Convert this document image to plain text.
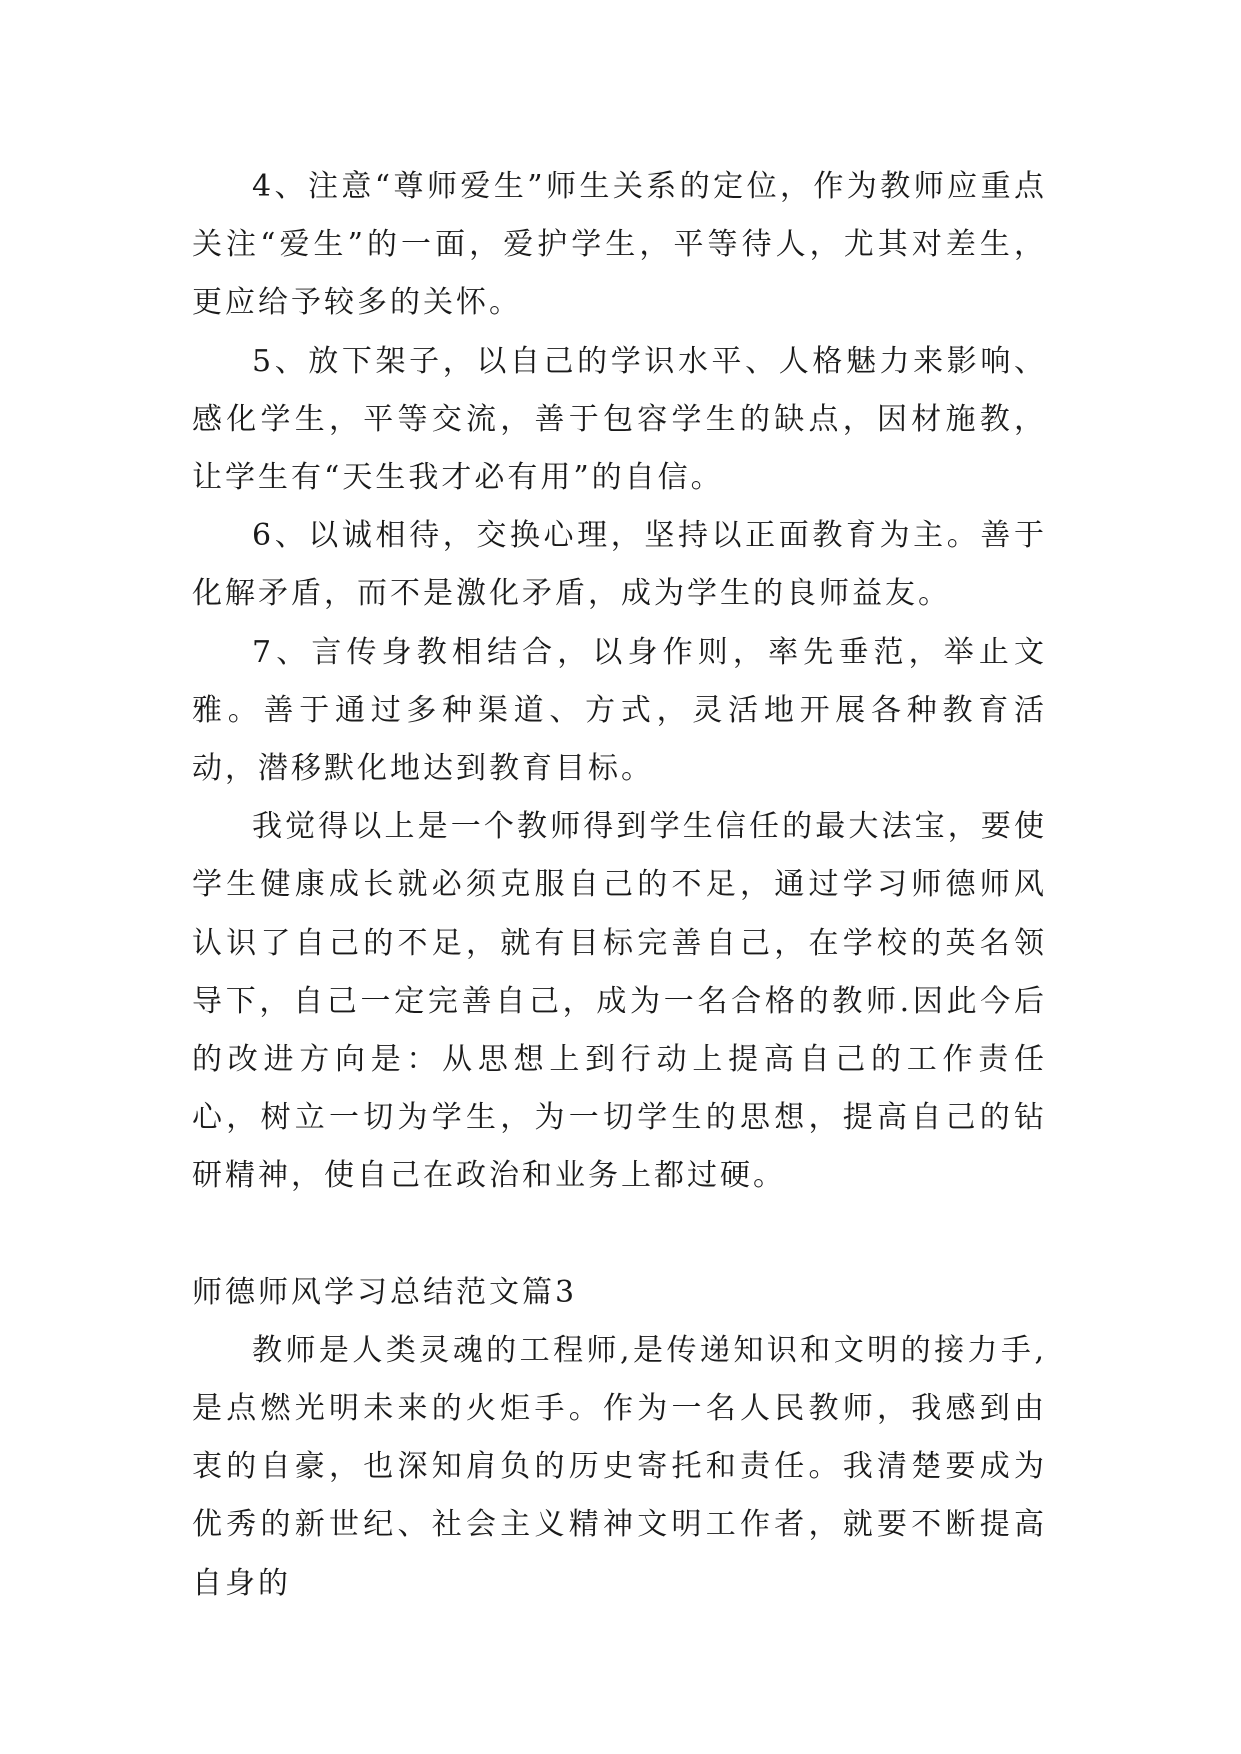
4、注意“尊师爱生”师生关系的定位，作为教师应重点关注“爱生”的一面，爱护学生，平等待人，尤其对差生，更应给予较多的关怀。

5、放下架子，以自己的学识水平、人格魅力来影响、感化学生，平等交流，善于包容学生的缺点，因材施教，让学生有“天生我才必有用”的自信。

6、以诚相待，交换心理，坚持以正面教育为主。善于化解矛盾，而不是激化矛盾，成为学生的良师益友。

7、言传身教相结合，以身作则，率先垂范，举止文雅。善于通过多种渠道、方式，灵活地开展各种教育活动，潜移默化地达到教育目标。

我觉得以上是一个教师得到学生信任的最大法宝，要使学生健康成长就必须克服自己的不足，通过学习师德师风认识了自己的不足，就有目标完善自己，在学校的英名领导下，自己一定完善自己，成为一名合格的教师.因此今后的改进方向是：从思想上到行动上提高自己的工作责任心，树立一切为学生，为一切学生的思想，提高自己的钻研精神，使自己在政治和业务上都过硬。

师德师风学习总结范文篇3

教师是人类灵魂的工程师,是传递知识和文明的接力手,是点燃光明未来的火炬手。作为一名人民教师，我感到由衷的自豪，也深知肩负的历史寄托和责任。我清楚要成为优秀的新世纪、社会主义精神文明工作者，就要不断提高自身的
